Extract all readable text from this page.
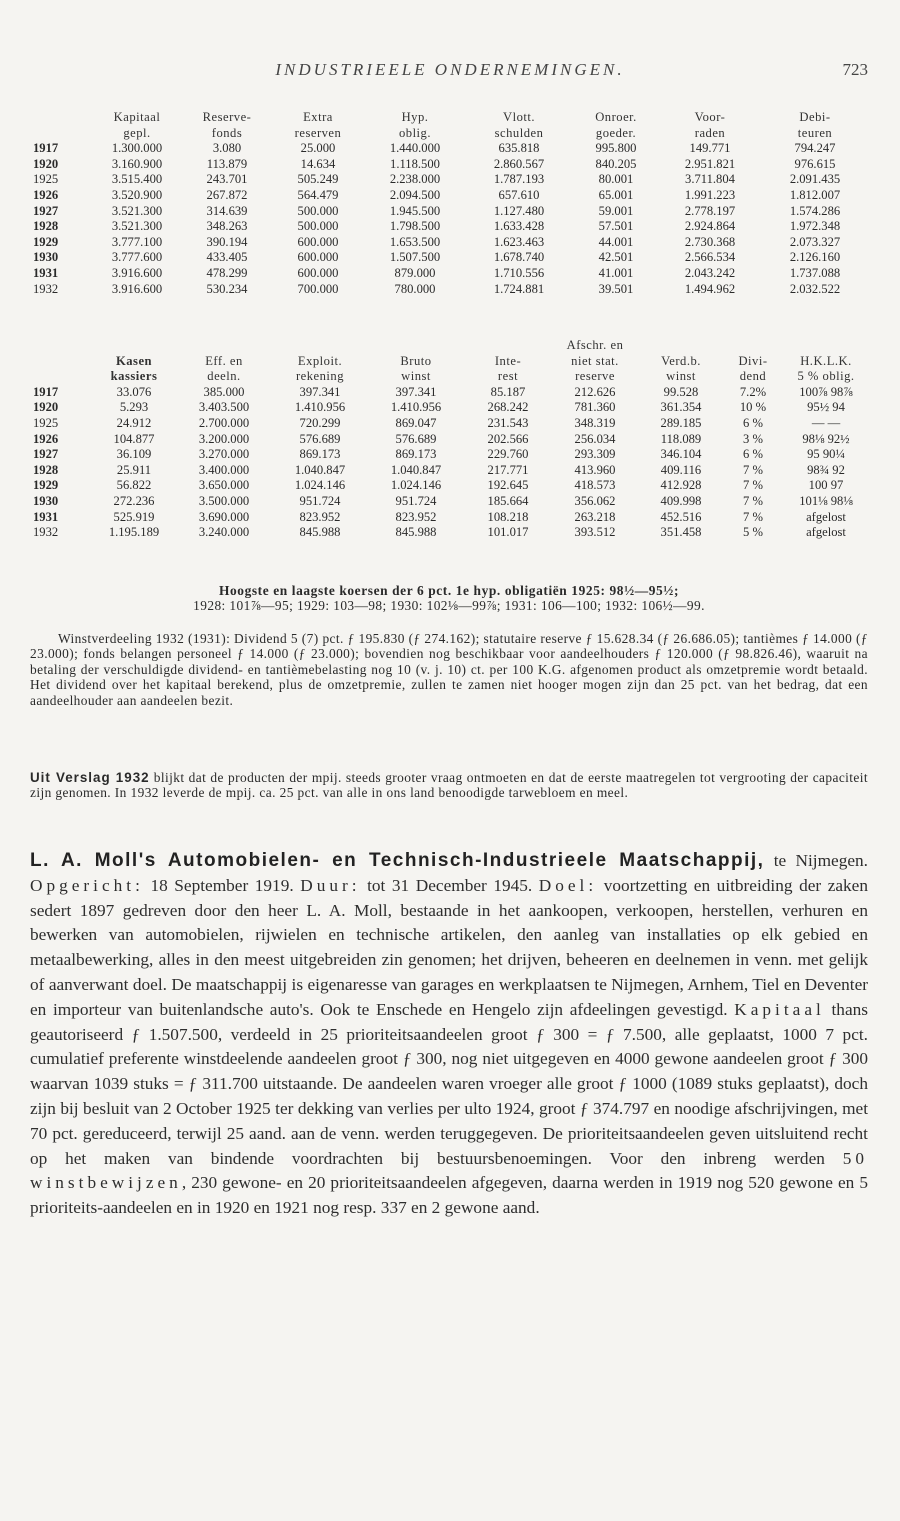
INDUSTRIEELE ONDERNEMINGEN.	723
	Kapitaal	Reserve-	Extra	Hyp.	Vlott.	Onroer.	Voor-	Debi-
	gepl.	fonds	reserven	oblig.	schulden	goeder.	raden	teuren
1917	1.300.000	3.080	25.000	1.440.000	635.818	995.800	149.771	794.247
1920	3.160.900	113.879	14.634	1.118.500	2.860.567	840.205	2.951.821	976.615
1925	3.515.400	243.701	505.249	2.238.000	1.787.193	80.001	3.711.804	2.091.435
1926	3.520.900	267.872	564.479	2.094.500	657.610	65.001	1.991.223	1.812.007
1927	3.521.300	314.639	500.000	1.945.500	1.127.480	59.001	2.778.197	1.574.286
1928	3.521.300	348.263	500.000	1.798.500	1.633.428	57.501	2.924.864	1.972.348
1929	3.777.100	390.194	600.000	1.653.500	1.623.463	44.001	2.730.368	2.073.327
1930	3.777.600	433.405	600.000	1.507.500	1.678.740	42.501	2.566.534	2.126.160
1931	3.916.600	478.299	600.000	879.000	1.710.556	41.001	2.043.242	1.737.088
1932	3.916.600	530.234	700.000	780.000	1.724.881	39.501	1.494.962	2.032.522
						Afschr. en			
	Kasen	Eff. en	Exploit.	Bruto	Inte-	niet stat.	Verd.b.	Divi-	H.K.L.K.
	kassiers	deeln.	rekening	winst	rest	reserve	winst	dend	5 % oblig.
1917	33.076	385.000	397.341	397.341	85.187	212.626	99.528	7.2%	100⅞ 98⅞
1920	5.293	3.403.500	1.410.956	1.410.956	268.242	781.360	361.354	10 %	95½ 94
1925	24.912	2.700.000	720.299	869.047	231.543	348.319	289.185	6 %	— —
1926	104.877	3.200.000	576.689	576.689	202.566	256.034	118.089	3 %	98⅛ 92½
1927	36.109	3.270.000	869.173	869.173	229.760	293.309	346.104	6 %	95 90¼
1928	25.911	3.400.000	1.040.847	1.040.847	217.771	413.960	409.116	7 %	98¾ 92
1929	56.822	3.650.000	1.024.146	1.024.146	192.645	418.573	412.928	7 %	100 97
1930	272.236	3.500.000	951.724	951.724	185.664	356.062	409.998	7 %	101⅛ 98⅛
1931	525.919	3.690.000	823.952	823.952	108.218	263.218	452.516	7 %	afgelost
1932	1.195.189	3.240.000	845.988	845.988	101.017	393.512	351.458	5 %	afgelost

Hoogste en laagste koersen der 6 pct. 1e hyp. obligatiën 1925: 98½—95½;
1928: 101⅞—95; 1929: 103—98; 1930: 102⅛—99⅞; 1931: 106—100; 1932: 106½—99.

Winstverdeeling 1932 (1931): Dividend 5 (7) pct. ƒ 195.830 (ƒ 274.162); statutaire reserve ƒ 15.628.34 (ƒ 26.686.05); tantièmes ƒ 14.000 (ƒ 23.000); fonds belangen personeel ƒ 14.000 (ƒ 23.000); bovendien nog beschikbaar voor aandeelhouders ƒ 120.000 (ƒ 98.826.46), waaruit na betaling der verschuldigde dividend- en tantièmebelasting nog 10 (v. j. 10) ct. per 100 K.G. afgenomen product als omzetpremie wordt betaald. Het dividend over het kapitaal berekend, plus de omzetpremie, zullen te zamen niet hooger mogen zijn dan 25 pct. van het bedrag, dat een aandeelhouder aan aandeelen bezit.

Uit Verslag 1932 blijkt dat de producten der mpij. steeds grooter vraag ontmoeten en dat de eerste maatregelen tot vergrooting der capaciteit zijn genomen. In 1932 leverde de mpij. ca. 25 pct. van alle in ons land benoodigde tarwebloem en meel.

L. A. Moll's Automobielen- en Technisch-Industrieele Maatschappij, te Nijmegen. Opgericht: 18 September 1919. Duur: tot 31 December 1945. Doel: voortzetting en uitbreiding der zaken sedert 1897 gedreven door den heer L. A. Moll, bestaande in het aankoopen, verkoopen, herstellen, verhuren en bewerken van automobielen, rijwielen en technische artikelen, den aanleg van installaties op elk gebied en metaalbewerking, alles in den meest uitgebreiden zin genomen; het drijven, beheeren en deelnemen in venn. met gelijk of aanverwant doel. De maatschappij is eigenaresse van garages en werkplaatsen te Nijmegen, Arnhem, Tiel en Deventer en importeur van buitenlandsche auto's. Ook te Enschede en Hengelo zijn afdeelingen gevestigd. Kapitaal thans geautoriseerd ƒ 1.507.500, verdeeld in 25 prioriteitsaandeelen groot ƒ 300 = ƒ 7.500, alle geplaatst, 1000 7 pct. cumulatief preferente winstdeelende aandeelen groot ƒ 300, nog niet uitgegeven en 4000 gewone aandeelen groot ƒ 300 waarvan 1039 stuks = ƒ 311.700 uitstaande. De aandeelen waren vroeger alle groot ƒ 1000 (1089 stuks geplaatst), doch zijn bij besluit van 2 October 1925 ter dekking van verlies per ulto 1924, groot ƒ 374.797 en noodige afschrijvingen, met 70 pct. gereduceerd, terwijl 25 aand. aan de venn. werden teruggegeven. De prioriteitsaandeelen geven uitsluitend recht op het maken van bindende voordrachten bij bestuursbenoemingen. Voor den inbreng werden 50 winstbewijzen, 230 gewone- en 20 prioriteitsaandeelen afgegeven, daarna werden in 1919 nog 520 gewone en 5 prioriteits-aandeelen en in 1920 en 1921 nog resp. 337 en 2 gewone aand.
